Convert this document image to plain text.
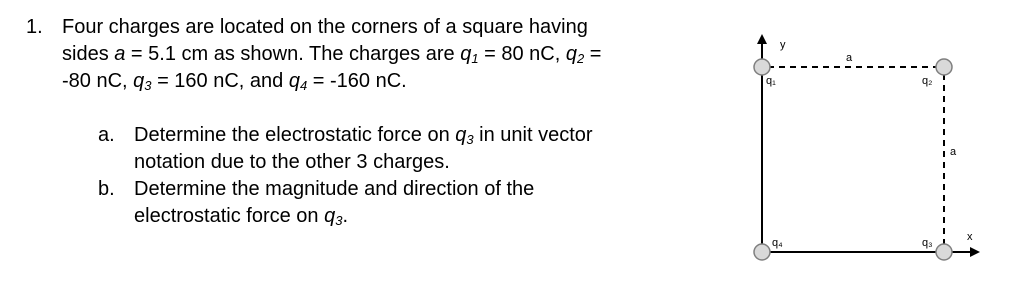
1. Four charges are located on the corners of a square having
sides a = 5.1 cm as shown. The charges are $q_1 = 80$ nC, $q_2$ =
-80 nC, $q_3 = 160$ nC, and $q_4 = -160$ nC.
a. Determine the electrostatic force on $q_3$ in unit vector
notation due to the other 3 charges.
b. Determine the magnitude and direction of the
electrostatic force on $q_3$.
y
x
a
a
q₁	q₂
q₃
q₄
